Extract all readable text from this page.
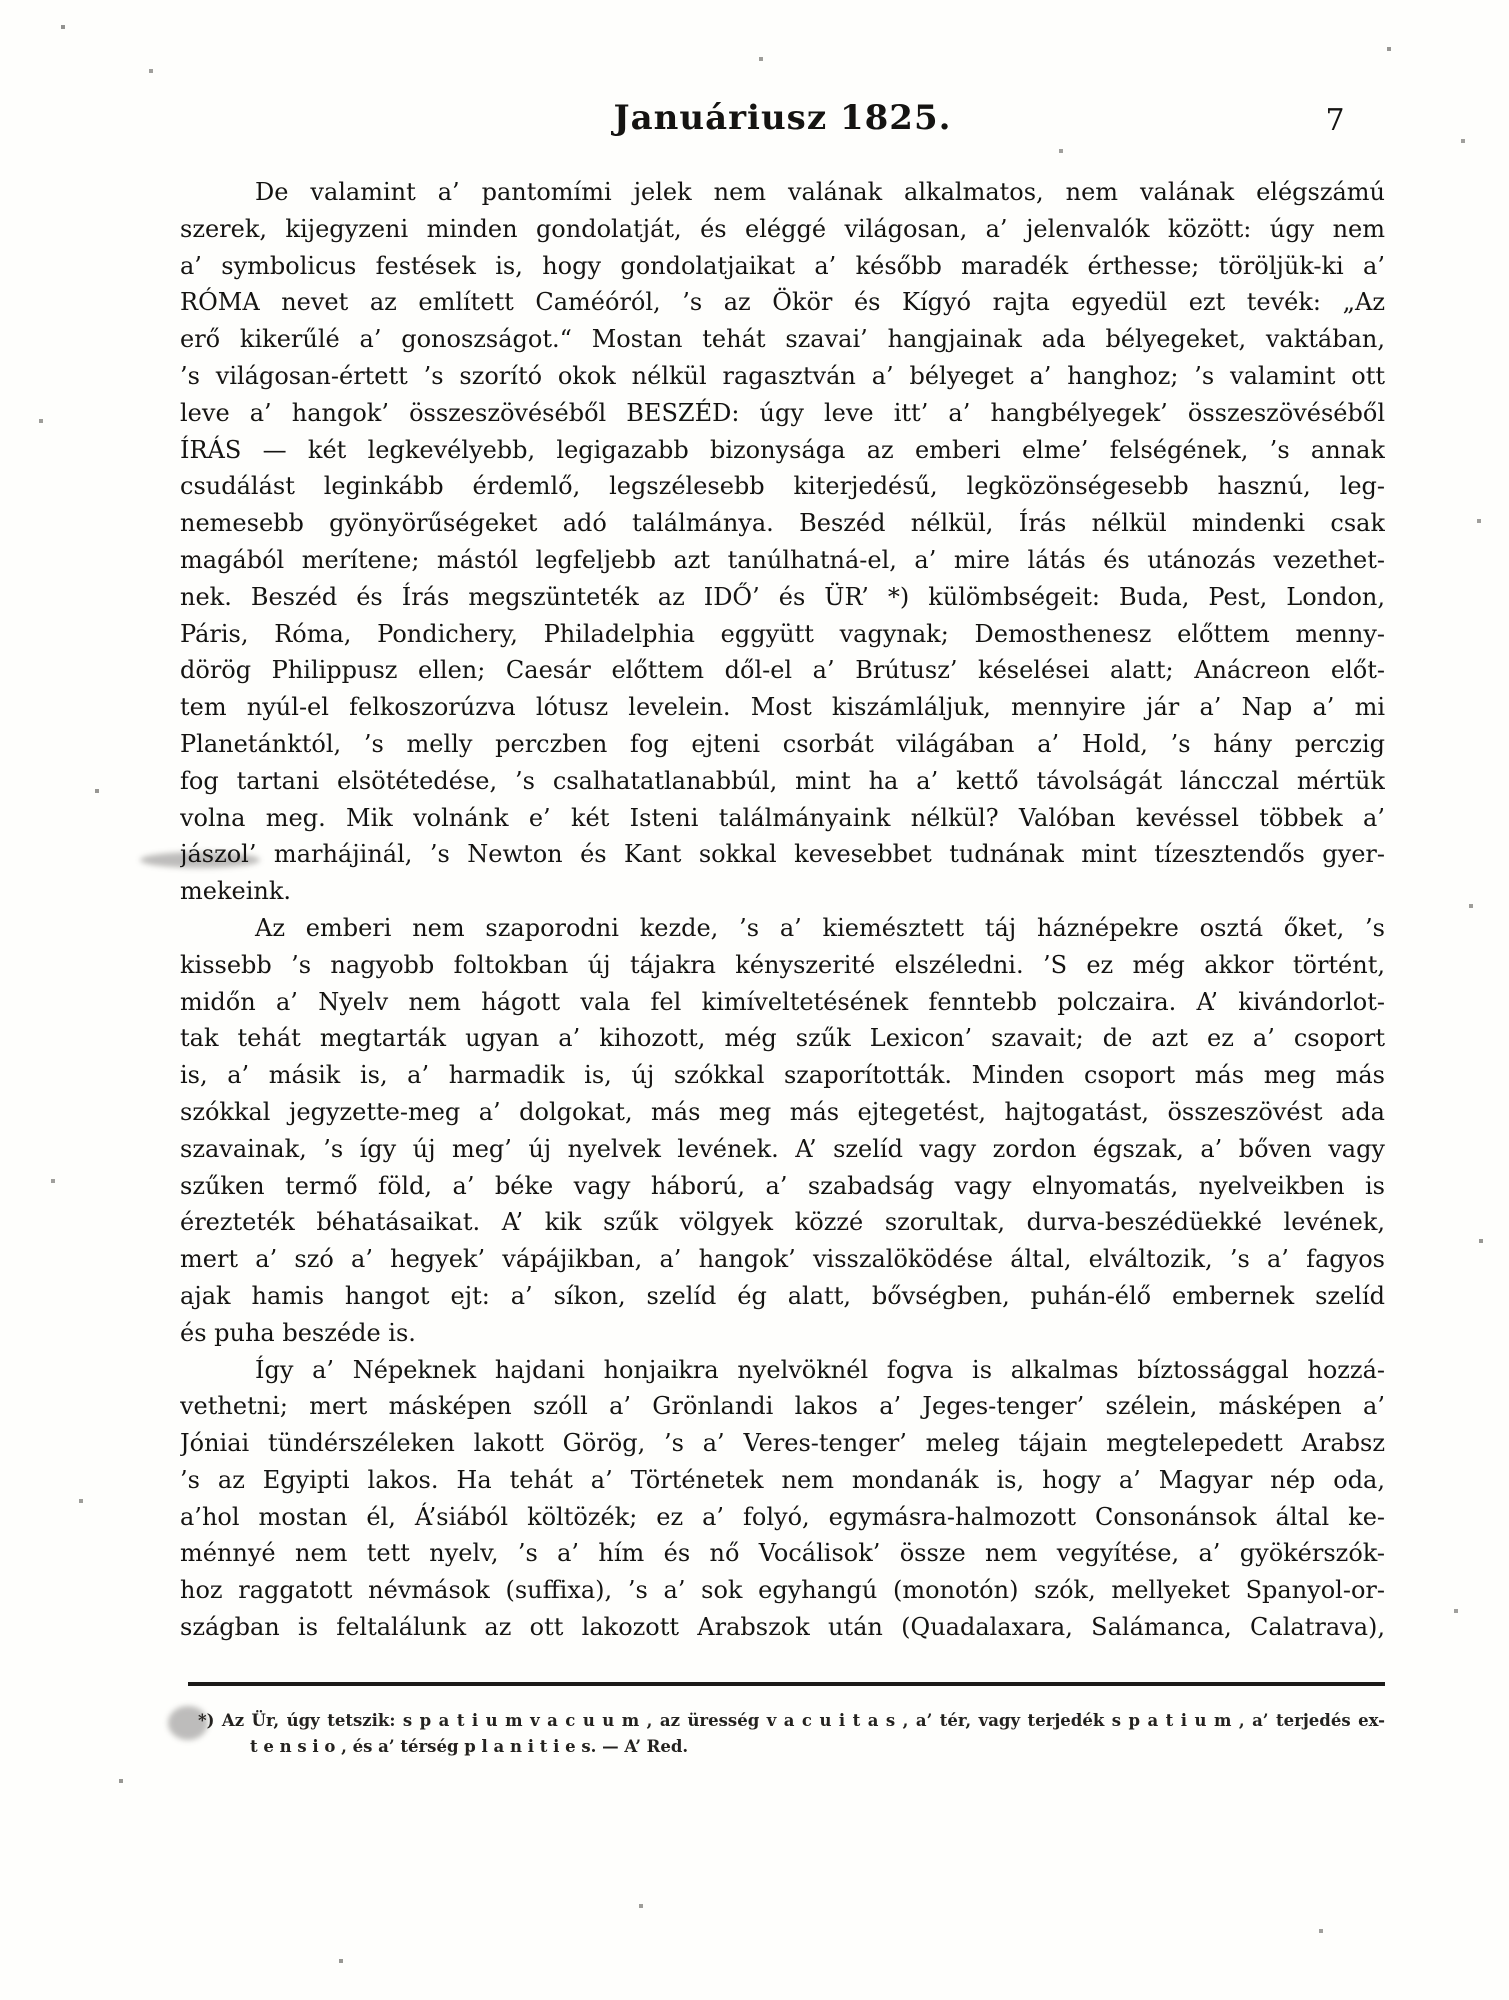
Januáriusz 1825.	7
De valamint a’ pantomími jelek nem valának alkalmatos, nem valának elégszámú
szerek, kijegyzeni minden gondolatját, és eléggé világosan, a’ jelenvalók között: úgy nem
a’ symbolicus festések is, hogy gondolatjaikat a’ később maradék érthesse; töröljük-ki a’
RÓMA nevet az említett Caméóról, ’s az Ökör és Kígyó rajta egyedül ezt tevék: „Az
erő kikerűlé a’ gonoszságot.“ Mostan tehát szavai’ hangjainak ada bélyegeket, vaktában,
’s világosan-értett ’s szorító okok nélkül ragasztván a’ bélyeget a’ hanghoz; ’s valamint ott
leve a’ hangok’ összeszövéséből BESZÉD: úgy leve itt’ a’ hangbélyegek’ összeszövéséből
ÍRÁS — két legkevélyebb, legigazabb bizonysága az emberi elme’ felségének, ’s annak
csudálást leginkább érdemlő, legszélesebb kiterjedésű, legközönségesebb hasznú, leg-
nemesebb gyönyörűségeket adó találmánya. Beszéd nélkül, Írás nélkül mindenki csak
magából merítene; mástól legfeljebb azt tanúlhatná-el, a’ mire látás és utánozás vezethet-
nek. Beszéd és Írás megszünteték az IDŐ’ és ÜR’ *) külömbségeit: Buda, Pest, London,
Páris, Róma, Pondichery, Philadelphia eggyütt vagynak; Demosthenesz előttem menny-
dörög Philippusz ellen; Caesár előttem dől-el a’ Brútusz’ késelései alatt; Anácreon előt-
tem nyúl-el felkoszorúzva lótusz levelein. Most kiszámláljuk, mennyire jár a’ Nap a’ mi
Planetánktól, ’s melly perczben fog ejteni csorbát világában a’ Hold, ’s hány perczig
fog tartani elsötétedése, ’s csalhatatlanabbúl, mint ha a’ kettő távolságát láncczal mértük
volna meg. Mik volnánk e’ két Isteni találmányaink nélkül? Valóban kevéssel többek a’
jászol’ marhájinál, ’s Newton és Kant sokkal kevesebbet tudnának mint tízesztendős gyer-
mekeink.
Az emberi nem szaporodni kezde, ’s a’ kiemésztett táj háznépekre osztá őket, ’s
kissebb ’s nagyobb foltokban új tájakra kényszerité elszéledni. ’S ez még akkor történt,
midőn a’ Nyelv nem hágott vala fel kimíveltetésének fenntebb polczaira. A’ kivándorlot-
tak tehát megtarták ugyan a’ kihozott, még szűk Lexicon’ szavait; de azt ez a’ csoport
is, a’ másik is, a’ harmadik is, új szókkal szaporították. Minden csoport más meg más
szókkal jegyzette-meg a’ dolgokat, más meg más ejtegetést, hajtogatást, összeszövést ada
szavainak, ’s így új meg’ új nyelvek levének. A’ szelíd vagy zordon égszak, a’ bőven vagy
szűken termő föld, a’ béke vagy háború, a’ szabadság vagy elnyomatás, nyelveikben is
érezteték béhatásaikat. A’ kik szűk völgyek közzé szorultak, durva-beszédüekké levének,
mert a’ szó a’ hegyek’ vápájikban, a’ hangok’ visszalöködése által, elváltozik, ’s a’ fagyos
ajak hamis hangot ejt: a’ síkon, szelíd ég alatt, bővségben, puhán-élő embernek szelíd
és puha beszéde is.
Így a’ Népeknek hajdani honjaikra nyelvöknél fogva is alkalmas bíztossággal hozzá-
vethetni; mert másképen szóll a’ Grönlandi lakos a’ Jeges-tenger’ szélein, másképen a’
Jóniai tündérszéleken lakott Görög, ’s a’ Veres-tenger’ meleg tájain megtelepedett Arabsz
’s az Egyipti lakos. Ha tehát a’ Történetek nem mondanák is, hogy a’ Magyar nép oda,
a’hol mostan él, Á’siából költözék; ez a’ folyó, egymásra-halmozott Consonánsok által ke-
ménnyé nem tett nyelv, ’s a’ hím és nő Vocálisok’ össze nem vegyítése, a’ gyökérszók-
hoz raggatott névmások (suffixa), ’s a’ sok egyhangú (monotón) szók, mellyeket Spanyol-or-
szágban is feltalálunk az ott lakozott Arabszok után (Quadalaxara, Salámanca, Calatrava),
*) Az Ür, úgy tetszik: s p a t i u m v a c u u m , az üresség v a c u i t a s , a’ tér, vagy terjedék s p a t i u m , a’ terjedés ex-
t e n s i o , és a’ térség p l a n i t i e s. — A’ Red.
